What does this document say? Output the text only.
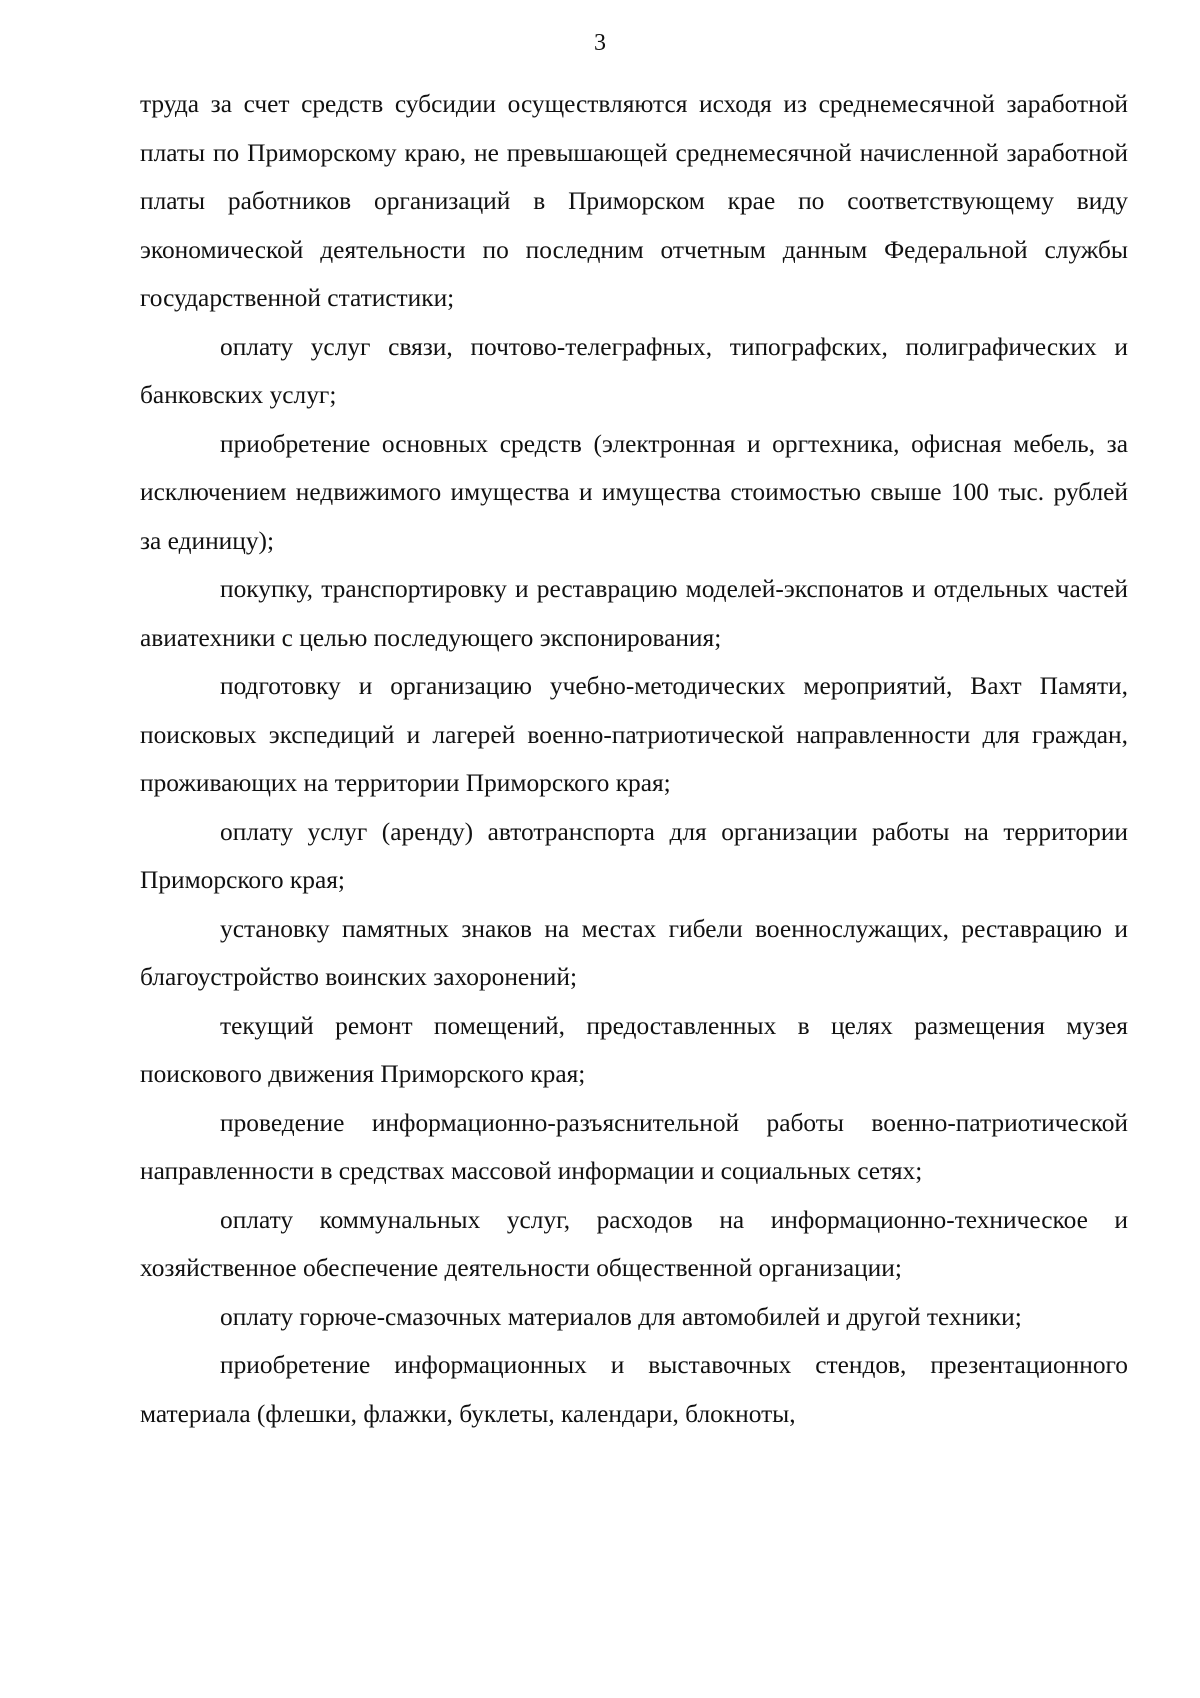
3

труда за счет средств субсидии осуществляются исходя из среднемесячной заработной платы по Приморскому краю, не превышающей среднемесячной начисленной заработной платы работников организаций в Приморском крае по соответствующему виду экономической деятельности по последним отчетным данным Федеральной службы государственной статистики;

оплату услуг связи, почтово-телеграфных, типографских, полиграфических и банковских услуг;

приобретение основных средств (электронная и оргтехника, офисная мебель, за исключением недвижимого имущества и имущества стоимостью свыше 100 тыс. рублей за единицу);

покупку, транспортировку и реставрацию моделей-экспонатов и отдельных частей авиатехники с целью последующего экспонирования;

подготовку и организацию учебно-методических мероприятий, Вахт Памяти, поисковых экспедиций и лагерей военно-патриотической направленности для граждан, проживающих на территории Приморского края;

оплату услуг (аренду) автотранспорта для организации работы на территории Приморского края;

установку памятных знаков на местах гибели военнослужащих, реставрацию и благоустройство воинских захоронений;

текущий ремонт помещений, предоставленных в целях размещения музея поискового движения Приморского края;

проведение информационно-разъяснительной работы военно-патриотической направленности в средствах массовой информации и социальных сетях;

оплату коммунальных услуг, расходов на информационно-техническое и хозяйственное обеспечение деятельности общественной организации;

оплату горюче-смазочных материалов для автомобилей и другой техники;

приобретение информационных и выставочных стендов, презентационного материала (флешки, флажки, буклеты, календари, блокноты,
